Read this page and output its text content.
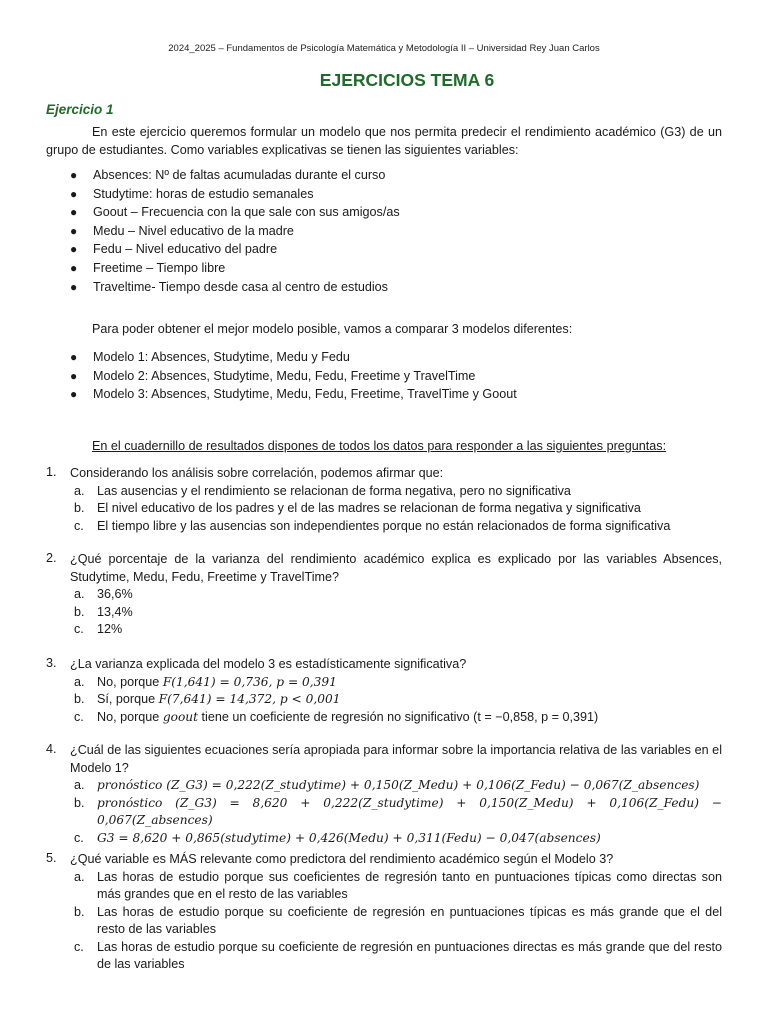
2024_2025 – Fundamentos de Psicología Matemática y Metodología II – Universidad Rey Juan Carlos
EJERCICIOS TEMA 6
Ejercicio 1
En este ejercicio queremos formular un modelo que nos permita predecir el rendimiento académico (G3) de un grupo de estudiantes. Como variables explicativas se tienen las siguientes variables:
● Absences: Nº de faltas acumuladas durante el curso
● Studytime: horas de estudio semanales
● Goout – Frecuencia con la que sale con sus amigos/as
● Medu – Nivel educativo de la madre
● Fedu – Nivel educativo del padre
● Freetime – Tiempo libre
● Traveltime- Tiempo desde casa al centro de estudios
Para poder obtener el mejor modelo posible, vamos a comparar 3 modelos diferentes:
● Modelo 1: Absences, Studytime, Medu y Fedu
● Modelo 2: Absences, Studytime, Medu, Fedu, Freetime y TravelTime
● Modelo 3: Absences, Studytime, Medu, Fedu, Freetime, TravelTime y Goout
En el cuadernillo de resultados dispones de todos los datos para responder a las siguientes preguntas:
1. Considerando los análisis sobre correlación, podemos afirmar que:
a. Las ausencias y el rendimiento se relacionan de forma negativa, pero no significativa
b. El nivel educativo de los padres y el de las madres se relacionan de forma negativa y significativa
c. El tiempo libre y las ausencias son independientes porque no están relacionados de forma significativa
2. ¿Qué porcentaje de la varianza del rendimiento académico explica es explicado por las variables Absences, Studytime, Medu, Fedu, Freetime y TravelTime?
a. 36,6%
b. 13,4%
c. 12%
3. ¿La varianza explicada del modelo 3 es estadísticamente significativa?
a. No, porque F(1,641) = 0,736, p = 0,391
b. Sí, porque F(7,641) = 14,372, p < 0,001
c. No, porque goout tiene un coeficiente de regresión no significativo (t = −0,858, p = 0,391)
4. ¿Cuál de las siguientes ecuaciones sería apropiada para informar sobre la importancia relativa de las variables en el Modelo 1?
a. pronóstico (Z_G3) = 0,222(Z_studytime) + 0,150(Z_Medu) + 0,106(Z_Fedu) − 0,067(Z_absences)
b. pronóstico (Z_G3) = 8,620 + 0,222(Z_studytime) + 0,150(Z_Medu) + 0,106(Z_Fedu) − 0,067(Z_absences)
c. G3 = 8,620 + 0,865(studytime) + 0,426(Medu) + 0,311(Fedu) − 0,047(absences)
5. ¿Qué variable es MÁS relevante como predictora del rendimiento académico según el Modelo 3?
a. Las horas de estudio porque sus coeficientes de regresión tanto en puntuaciones típicas como directas son más grandes que en el resto de las variables
b. Las horas de estudio porque su coeficiente de regresión en puntuaciones típicas es más grande que el del resto de las variables
c. Las horas de estudio porque su coeficiente de regresión en puntuaciones directas es más grande que del resto de las variables
